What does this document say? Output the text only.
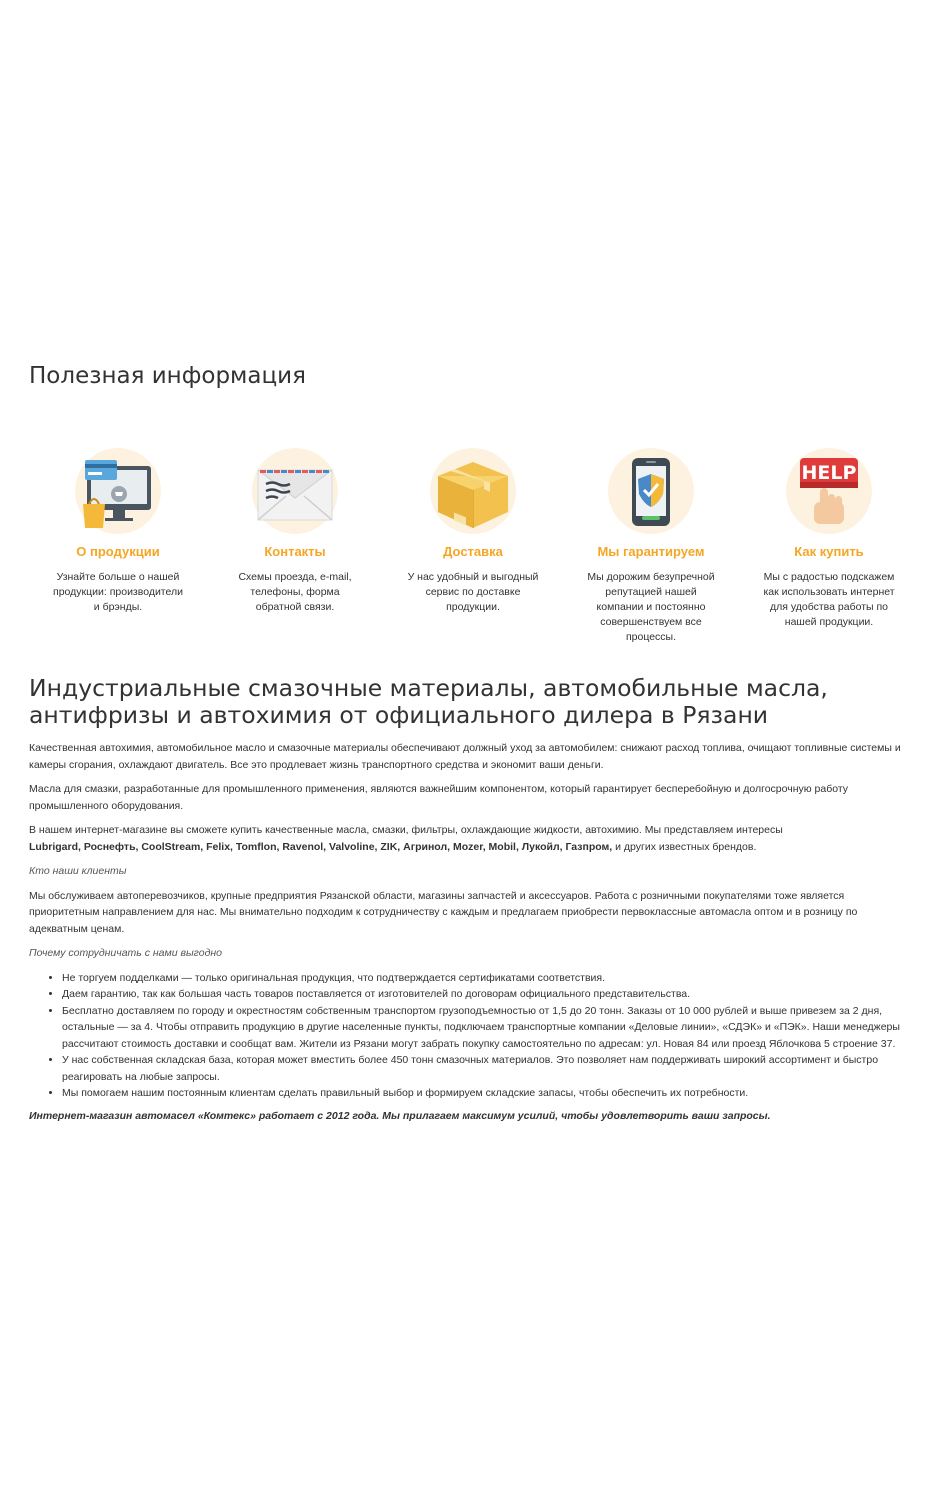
Полезная информация
О продукции
Узнайте больше о нашей
продукции: производители
и брэнды.
Контакты
Схемы проезда, e-mail,
телефоны, форма
обратной связи.
Доставка
У нас удобный и выгодный
сервис по доставке
продукции.
Мы гарантируем
Мы дорожим безупречной
репутацией нашей
компании и постоянно
совершенствуем все
процессы.
HELP
Как купить
Мы с радостью подскажем
как использовать интернет
для удобства работы по
нашей продукции.
Индустриальные смазочные материалы, автомобильные масла,
антифризы и автохимия от официального дилера в Рязани

Качественная автохимия, автомобильное масло и смазочные материалы обеспечивают должный уход за автомобилем: снижают расход топлива, очищают топливные системы и камеры сгорания, охлаждают двигатель. Все это продлевает жизнь транспортного средства и экономит ваши деньги.

Масла для смазки, разработанные для промышленного применения, являются важнейшим компонентом, который гарантирует бесперебойную и долгосрочную работу промышленного оборудования.

В нашем интернет-магазине вы сможете купить качественные масла, смазки, фильтры, охлаждающие жидкости, автохимию. Мы представляем интересы
Lubrigard, Роснефть, CoolStream, Felix, Tomflon, Ravenol, Valvoline, ZIK, Агринол, Mozer, Mobil, Лукойл, Газпром, и других известных брендов.

Кто наши клиенты

Мы обслуживаем автоперевозчиков, крупные предприятия Рязанской области, магазины запчастей и аксессуаров. Работа с розничными покупателями тоже является приоритетным направлением для нас. Мы внимательно подходим к сотрудничеству с каждым и предлагаем приобрести первоклассные автомасла оптом и в розницу по адекватным ценам.

Почему сотрудничать с нами выгодно

• Не торгуем подделками — только оригинальная продукция, что подтверждается сертификатами соответствия.
• Даем гарантию, так как большая часть товаров поставляется от изготовителей по договорам официального представительства.
• Бесплатно доставляем по городу и окрестностям собственным транспортом грузоподъемностью от 1,5 до 20 тонн. Заказы от 10 000 рублей и выше привезем за 2 дня, остальные — за 4. Чтобы отправить продукцию в другие населенные пункты, подключаем транспортные компании «Деловые линии», «СДЭК» и «ПЭК». Наши менеджеры рассчитают стоимость доставки и сообщат вам. Жители из Рязани могут забрать покупку самостоятельно по адресам: ул. Новая 84 или проезд Яблочкова 5 строение 37.
• У нас собственная складская база, которая может вместить более 450 тонн смазочных материалов. Это позволяет нам поддерживать широкий ассортимент и быстро реагировать на любые запросы.
• Мы помогаем нашим постоянным клиентам сделать правильный выбор и формируем складские запасы, чтобы обеспечить их потребности.

Интернет-магазин автомасел «Комтекс» работает с 2012 года. Мы прилагаем максимум усилий, чтобы удовлетворить ваши запросы.
